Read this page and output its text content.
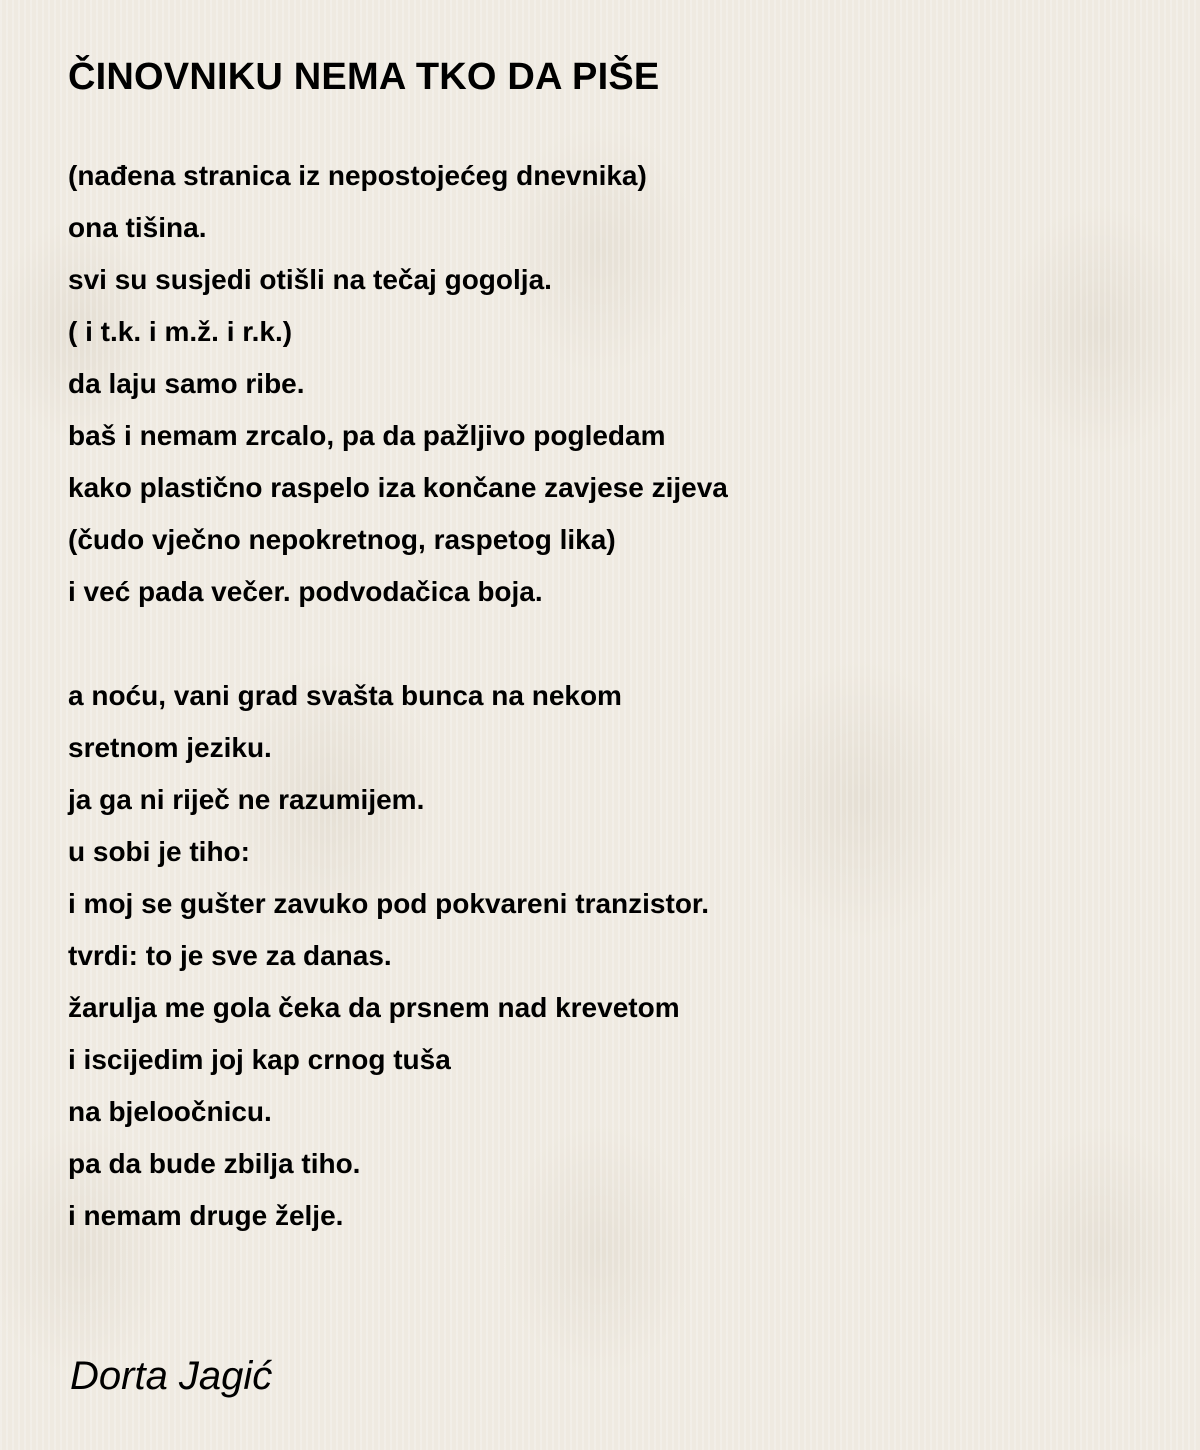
ČINOVNIKU NEMA TKO DA PIŠE
(nađena stranica iz nepostojećeg dnevnika)
ona tišina.
svi su susjedi otišli na tečaj gogolja.
( i t.k. i m.ž. i r.k.)
da laju samo ribe.
baš i nemam zrcalo, pa da pažljivo pogledam
kako plastično raspelo iza končane zavjese zijeva
(čudo vječno nepokretnog, raspetog lika)
i već pada večer. podvodačica boja.
a noću, vani grad svašta bunca na nekom
sretnom jeziku.
ja ga ni riječ ne razumijem.
u sobi je tiho:
i moj se gušter zavuko pod pokvareni tranzistor.
tvrdi: to je sve za danas.
žarulja me gola čeka da prsnem nad krevetom
i iscijedim joj kap crnog tuša
na bjeloočnicu.
pa da bude zbilja tiho.
i nemam druge želje.

Dorta Jagić
